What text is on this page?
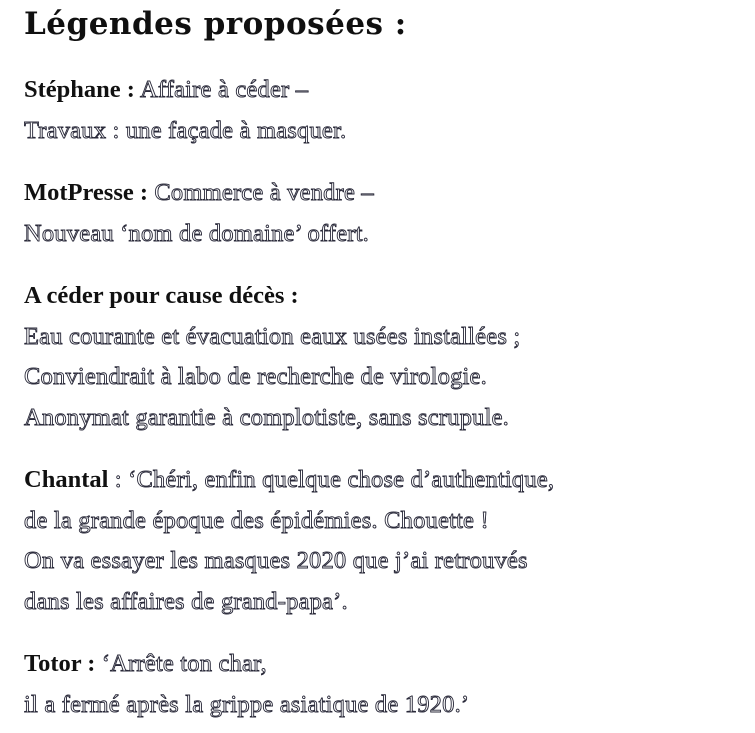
Légendes proposées :
Stéphane : Affaire à céder –
Travaux : une façade à masquer.
MotPresse : Commerce à vendre –
Nouveau ‘nom de domaine’ offert.
A céder pour cause décès :
Eau courante et évacuation eaux usées installées ;
Conviendrait à labo de recherche de virologie.
Anonymat garantie à complotiste, sans scrupule.
Chantal : ‘Chéri, enfin quelque chose d’authentique,
de la grande époque des épidémies. Chouette !
On va essayer les masques 2020 que j’ai retrouvés
dans les affaires de grand-papa’.
Totor : ‘Arrête ton char,
il a fermé après la grippe asiatique de 1920.’
